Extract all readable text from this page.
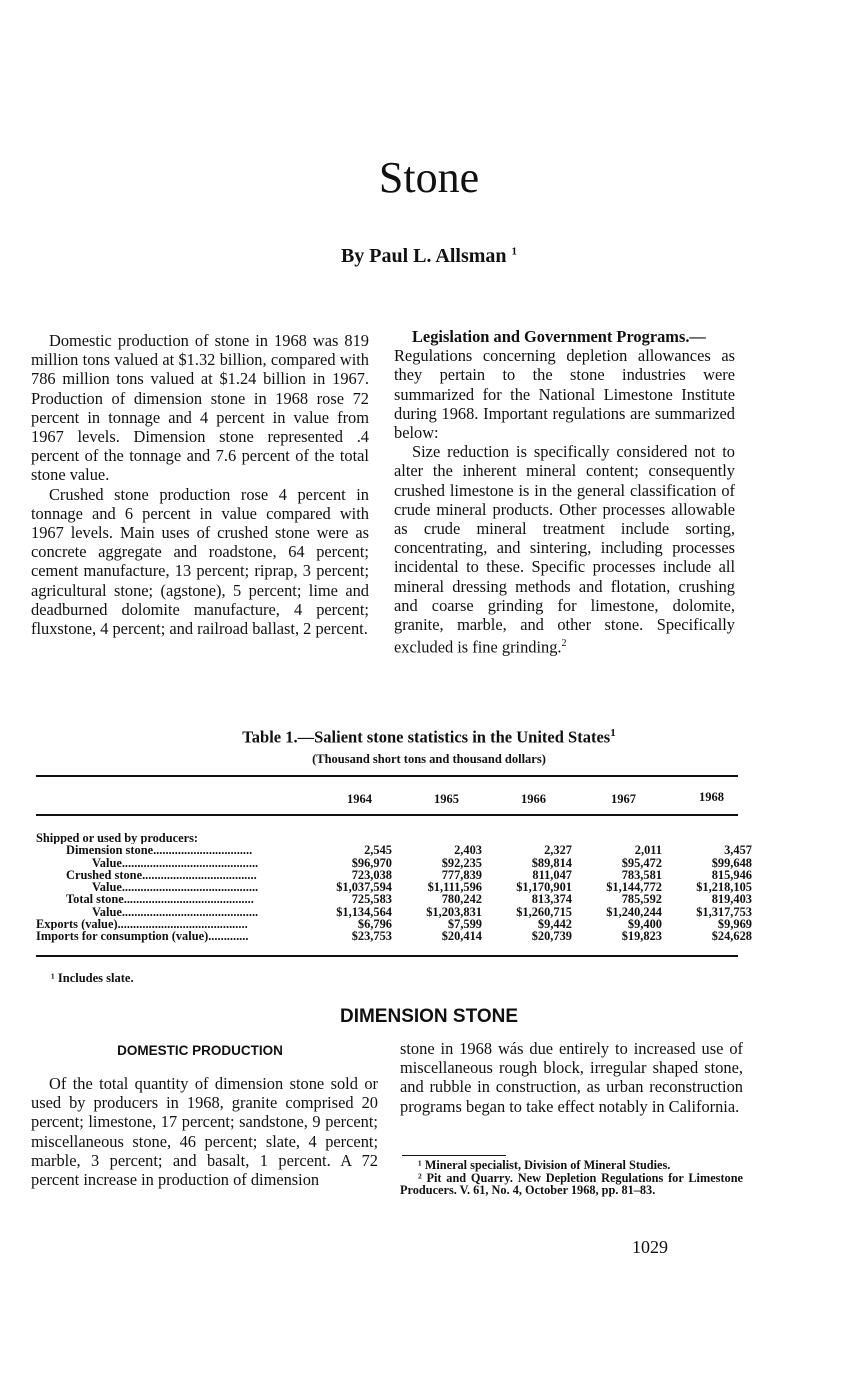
Stone
By Paul L. Allsman $^1$

Domestic production of stone in 1968 was 819 million tons valued at $1.32 billion, compared with 786 million tons valued at $1.24 billion in 1967. Production of dimension stone in 1968 rose 72 percent in tonnage and 4 percent in value from 1967 levels. Dimension stone represented .4 percent of the tonnage and 7.6 percent of the total stone value.

Crushed stone production rose 4 percent in tonnage and 6 percent in value compared with 1967 levels. Main uses of crushed stone were as concrete aggregate and roadstone, 64 percent; cement manufacture, 13 percent; riprap, 3 percent; agricultural stone; (agstone), 5 percent; lime and deadburned dolomite manufacture, 4 percent; fluxstone, 4 percent; and railroad ballast, 2 percent.

Legislation and Government Programs.—

Regulations concerning depletion allowances as they pertain to the stone industries were summarized for the National Limestone Institute during 1968. Important regulations are summarized below:

Size reduction is specifically considered not to alter the inherent mineral content; consequently crushed limestone is in the general classification of crude mineral products. Other processes allowable as crude mineral treatment include sorting, concentrating, and sintering, including processes incidental to these. Specific processes include all mineral dressing methods and flotation, crushing and coarse grinding for limestone, dolomite, granite, marble, and other stone. Specifically excluded is fine grinding.$^2$

Table 1.—Salient stone statistics in the United States$^1$
(Thousand short tons and thousand dollars)
1964	1965	1966	1967	1968
Shipped or used by producers:
Dimension stone................................	2,545	2,403	2,327	2,011	3,457
Value............................................	$96,970	$92,235	$89,814	$95,472	$99,648
Crushed stone.....................................	723,038	777,839	811,047	783,581	815,946
Value............................................	$1,037,594	$1,111,596	$1,170,901	$1,144,772	$1,218,105
Total stone..........................................	725,583	780,242	813,374	785,592	819,403
Value............................................	$1,134,564	$1,203,831	$1,260,715	$1,240,244	$1,317,753
Exports (value)..........................................	$6,796	$7,599	$9,442	$9,400	$9,969
Imports for consumption (value).............	$23,753	$20,414	$20,739	$19,823	$24,628
¹ Includes slate.
DIMENSION STONE
DOMESTIC PRODUCTION

Of the total quantity of dimension stone sold or used by producers in 1968, granite comprised 20 percent; limestone, 17 percent; sandstone, 9 percent; miscellaneous stone, 46 percent; slate, 4 percent; marble, 3 percent; and basalt, 1 percent. A 72 percent increase in production of dimension

stone in 1968 wás due entirely to increased use of miscellaneous rough block, irregular shaped stone, and rubble in construction, as urban reconstruction programs began to take effect notably in California.

¹ Mineral specialist, Division of Mineral Studies.

² Pit and Quarry. New Depletion Regulations for Limestone Producers. V. 61, No. 4, October 1968, pp. 81–83.

1029
